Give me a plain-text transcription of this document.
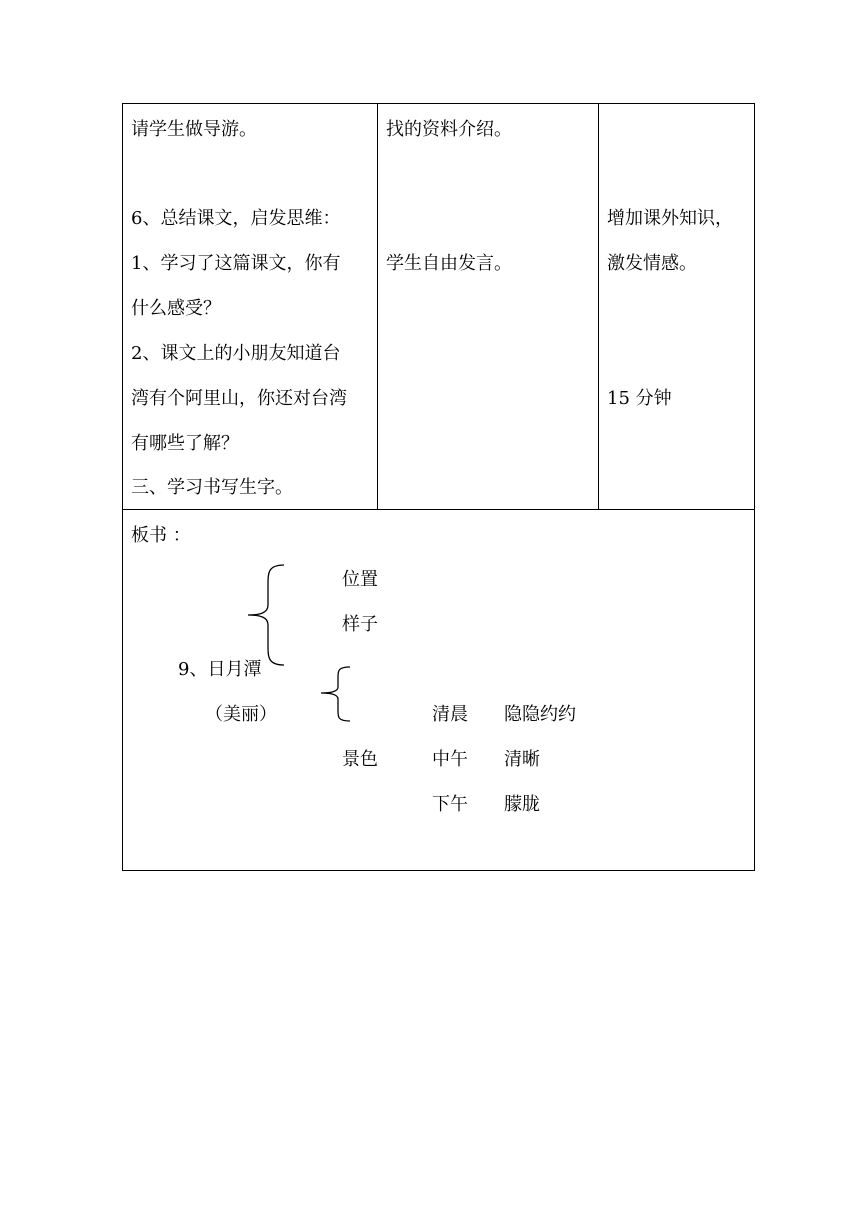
请学生做导游。
6、总结课文，启发思维：
1、学习了这篇课文，你有
什么感受？
2、课文上的小朋友知道台
湾有个阿里山，你还对台湾
有哪些了解？
三、学习书写生字。
找的资料介绍。
学生自由发言。
增加课外知识，
激发情感。
15 分钟
板书 ：
位置
样子
9、日月潭
（美丽）
景色
清晨
中午
下午
隐隐约约
清晰
朦胧
